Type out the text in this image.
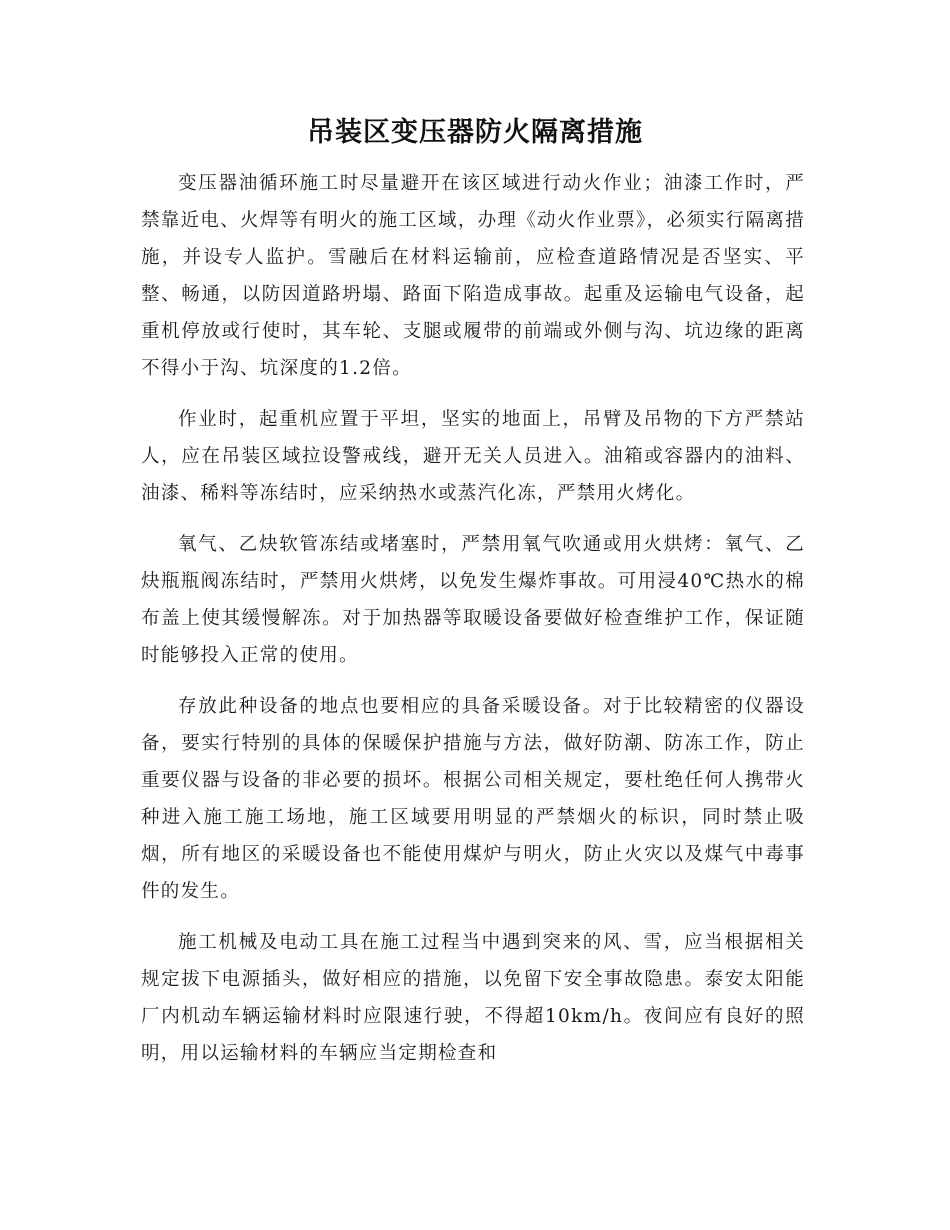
吊装区变压器防火隔离措施

变压器油循环施工时尽量避开在该区域进行动火作业；油漆工作时，严禁靠近电、火焊等有明火的施工区域，办理《动火作业票》，必须实行隔离措施，并设专人监护。雪融后在材料运输前，应检查道路情况是否坚实、平整、畅通，以防因道路坍塌、路面下陷造成事故。起重及运输电气设备，起重机停放或行使时，其车轮、支腿或履带的前端或外侧与沟、坑边缘的距离不得小于沟、坑深度的1.2倍。

作业时，起重机应置于平坦，坚实的地面上，吊臂及吊物的下方严禁站人，应在吊装区域拉设警戒线，避开无关人员进入。油箱或容器内的油料、油漆、稀料等冻结时，应采纳热水或蒸汽化冻，严禁用火烤化。

氧气、乙炔软管冻结或堵塞时，严禁用氧气吹通或用火烘烤：氧气、乙炔瓶瓶阀冻结时，严禁用火烘烤，以免发生爆炸事故。可用浸40℃热水的棉布盖上使其缓慢解冻。对于加热器等取暖设备要做好检查维护工作，保证随时能够投入正常的使用。

存放此种设备的地点也要相应的具备采暖设备。对于比较精密的仪器设备，要实行特别的具体的保暖保护措施与方法，做好防潮、防冻工作，防止重要仪器与设备的非必要的损坏。根据公司相关规定，要杜绝任何人携带火种进入施工施工场地，施工区域要用明显的严禁烟火的标识，同时禁止吸烟，所有地区的采暖设备也不能使用煤炉与明火，防止火灾以及煤气中毒事件的发生。

施工机械及电动工具在施工过程当中遇到突来的风、雪，应当根据相关规定拔下电源插头，做好相应的措施，以免留下安全事故隐患。泰安太阳能厂内机动车辆运输材料时应限速行驶，不得超10km/h。夜间应有良好的照明，用以运输材料的车辆应当定期检查和
